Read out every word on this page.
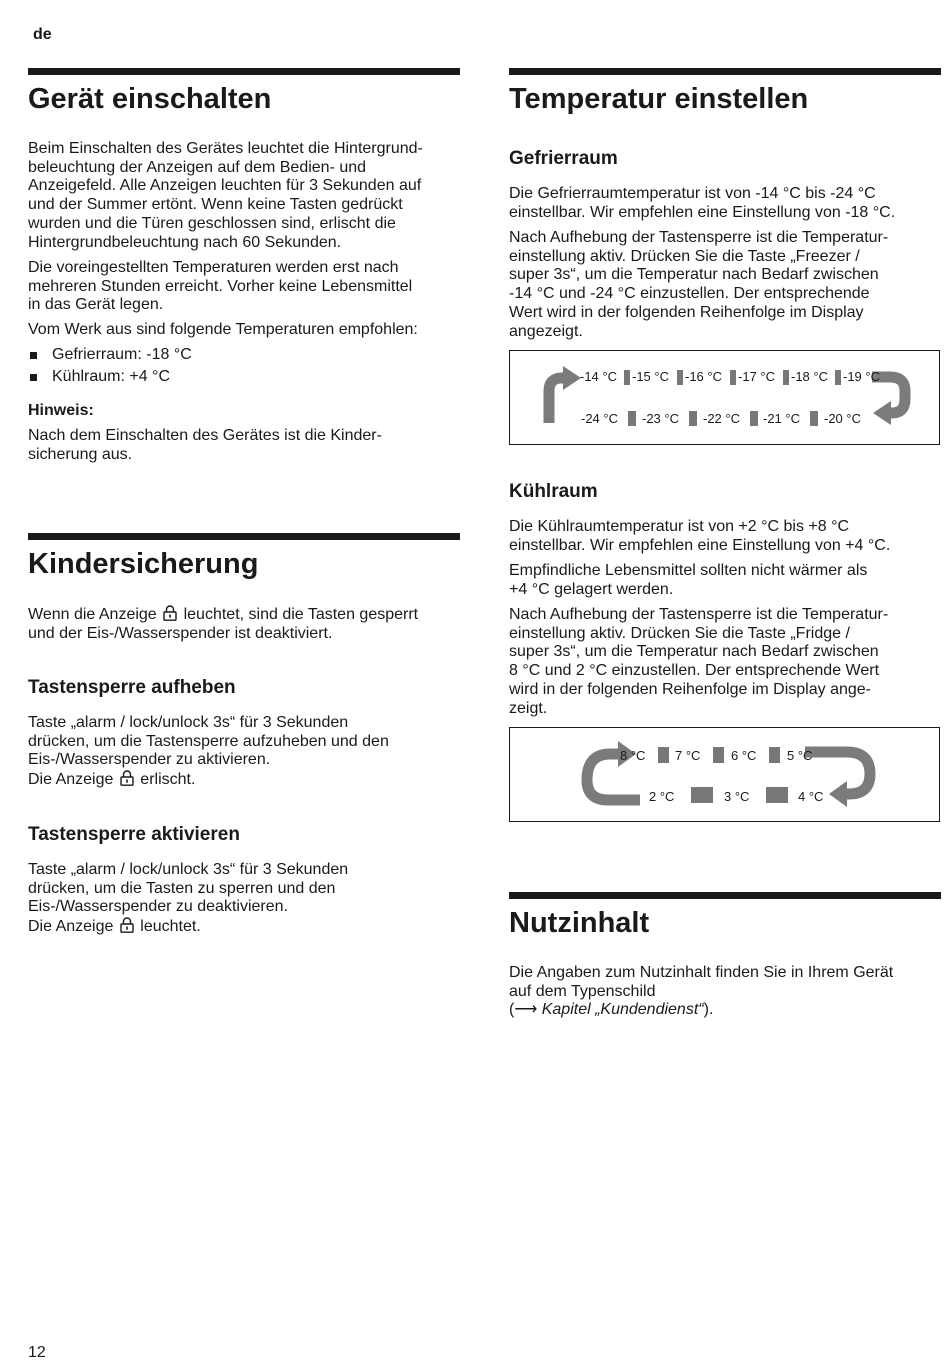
de
Gerät einschalten

Beim Einschalten des Gerätes leuchtet die Hintergrund-

beleuchtung der Anzeigen auf dem Bedien- und

Anzeigefeld. Alle Anzeigen leuchten für 3 Sekunden auf

und der Summer ertönt. Wenn keine Tasten gedrückt

wurden und die Türen geschlossen sind, erlischt die

Hintergrundbeleuchtung nach 60 Sekunden.

Die voreingestellten Temperaturen werden erst nach

mehreren Stunden erreicht. Vorher keine Lebensmittel

in das Gerät legen.

Vom Werk aus sind folgende Temperaturen empfohlen:

Gefrierraum: -18 °C
Kühlraum: +4 °C

Hinweis:

Nach dem Einschalten des Gerätes ist die Kinder-

sicherung aus.

Kindersicherung

Wenn die Anzeige leuchtet, sind die Tasten gesperrt

und der Eis-/Wasserspender ist deaktiviert.

Tastensperre aufheben

Taste „alarm / lock/unlock 3s“ für 3 Sekunden

drücken, um die Tastensperre aufzuheben und den

Eis-/Wasserspender zu aktivieren.

Die Anzeige erlischt.

Tastensperre aktivieren

Taste „alarm / lock/unlock 3s“ für 3 Sekunden

drücken, um die Tasten zu sperren und den

Eis-/Wasserspender zu deaktivieren.

Die Anzeige leuchtet.

Temperatur einstellen
Gefrierraum

Die Gefrierraumtemperatur ist von -14 °C bis -24 °C

einstellbar. Wir empfehlen eine Einstellung von -18 °C.

Nach Aufhebung der Tastensperre ist die Temperatur-

einstellung aktiv. Drücken Sie die Taste „Freezer /

super 3s“, um die Temperatur nach Bedarf zwischen

-14 °C und -24 °C einzustellen. Der entsprechende

Wert wird in der folgenden Reihenfolge im Display

angezeigt.

-14 °C -15 °C -16 °C -17 °C -18 °C -19 °C
-24 °C -23 °C -22 °C -21 °C -20 °C
Kühlraum

Die Kühlraumtemperatur ist von +2 °C bis +8 °C

einstellbar. Wir empfehlen eine Einstellung von +4 °C.

Empfindliche Lebensmittel sollten nicht wärmer als

+4 °C gelagert werden.

Nach Aufhebung der Tastensperre ist die Temperatur-

einstellung aktiv. Drücken Sie die Taste „Fridge /

super 3s“, um die Temperatur nach Bedarf zwischen

8 °C und 2 °C einzustellen. Der entsprechende Wert

wird in der folgenden Reihenfolge im Display ange-

zeigt.

8 °C 7 °C 6 °C 5 °C
2 °C	3 °C	4 °C
Nutzinhalt

Die Angaben zum Nutzinhalt finden Sie in Ihrem Gerät

auf dem Typenschild

(⟶ Kapitel „Kundendienst“).

12
